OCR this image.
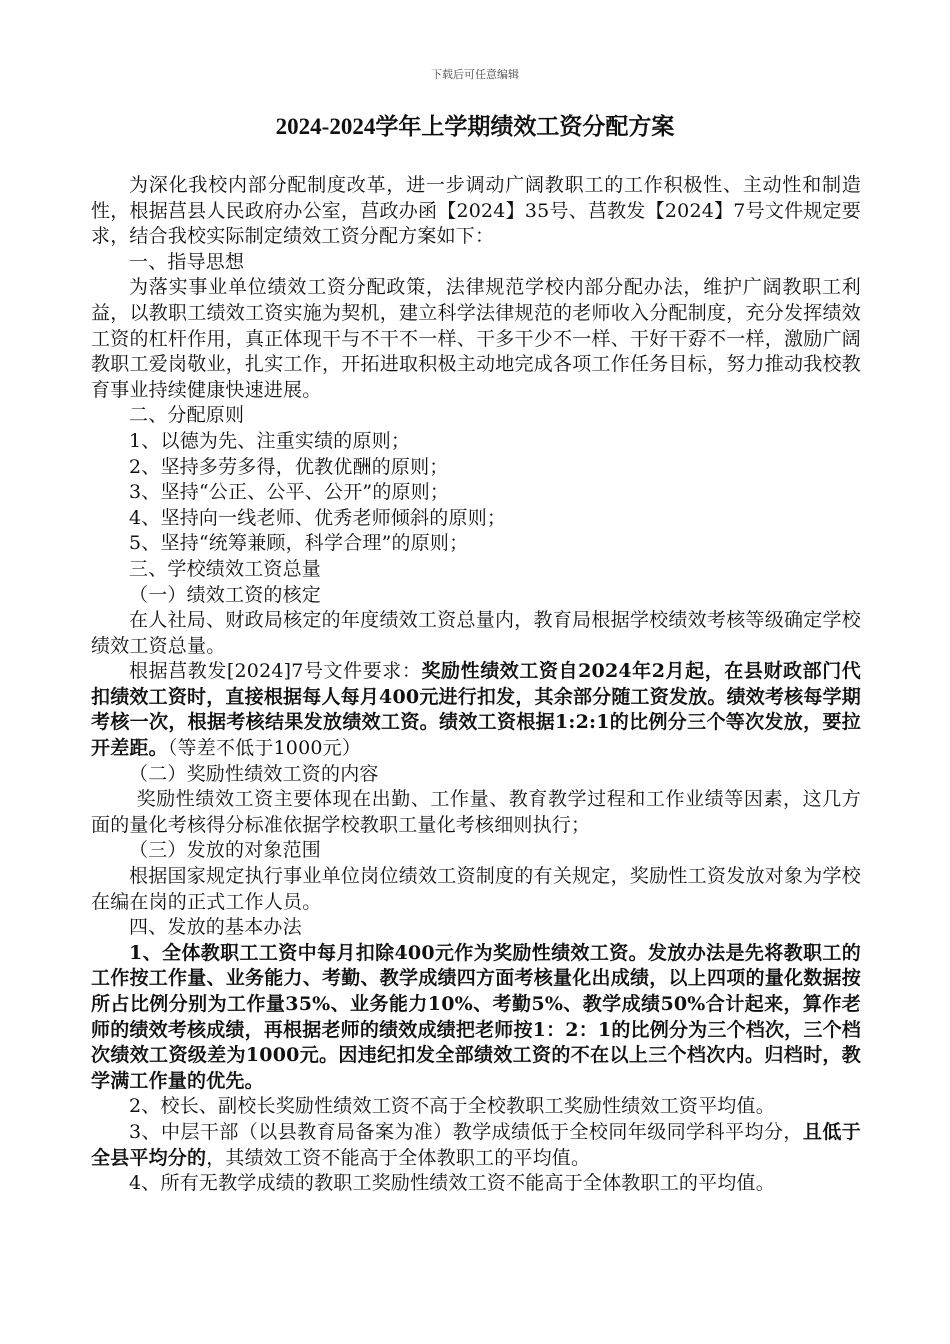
下载后可任意编辑
2024-2024学年上学期绩效工资分配方案

为深化我校内部分配制度改革，进一步调动广阔教职工的工作积极性、主动性和制造性，根据莒县人民政府办公室，莒政办函【2024】35号、莒教发【2024】7号文件规定要求，结合我校实际制定绩效工资分配方案如下：

一、指导思想

为落实事业单位绩效工资分配政策，法律规范学校内部分配办法，维护广阔教职工利益，以教职工绩效工资实施为契机，建立科学法律规范的老师收入分配制度，充分发挥绩效工资的杠杆作用，真正体现干与不干不一样、干多干少不一样、干好干孬不一样，激励广阔教职工爱岗敬业，扎实工作，开拓进取积极主动地完成各项工作任务目标，努力推动我校教育事业持续健康快速进展。

二、分配原则

1、以德为先、注重实绩的原则；

2、坚持多劳多得，优教优酬的原则；

3、坚持“公正、公平、公开”的原则；

4、坚持向一线老师、优秀老师倾斜的原则；

5、坚持“统筹兼顾，科学合理”的原则；

三、学校绩效工资总量

（一）绩效工资的核定

在人社局、财政局核定的年度绩效工资总量内，教育局根据学校绩效考核等级确定学校绩效工资总量。

根据莒教发[2024]7号文件要求：奖励性绩效工资自2024年2月起，在县财政部门代扣绩效工资时，直接根据每人每月400元进行扣发，其余部分随工资发放。绩效考核每学期考核一次，根据考核结果发放绩效工资。绩效工资根据1:2:1的比例分三个等次发放，要拉开差距。（等差不低于1000元）

（二）奖励性绩效工资的内容

奖励性绩效工资主要体现在出勤、工作量、教育教学过程和工作业绩等因素，这几方面的量化考核得分标准依据学校教职工量化考核细则执行；

（三）发放的对象范围

根据国家规定执行事业单位岗位绩效工资制度的有关规定，奖励性工资发放对象为学校在编在岗的正式工作人员。

四、发放的基本办法

1、全体教职工工资中每月扣除400元作为奖励性绩效工资。发放办法是先将教职工的工作按工作量、业务能力、考勤、教学成绩四方面考核量化出成绩，以上四项的量化数据按所占比例分别为工作量35%、业务能力10%、考勤5%、教学成绩50%合计起来，算作老师的绩效考核成绩，再根据老师的绩效成绩把老师按1：2：1的比例分为三个档次，三个档次绩效工资级差为1000元。因违纪扣发全部绩效工资的不在以上三个档次内。归档时，教学满工作量的优先。

2、校长、副校长奖励性绩效工资不高于全校教职工奖励性绩效工资平均值。

3、中层干部（以县教育局备案为准）教学成绩低于全校同年级同学科平均分，且低于全县平均分的，其绩效工资不能高于全体教职工的平均值。

4、所有无教学成绩的教职工奖励性绩效工资不能高于全体教职工的平均值。
